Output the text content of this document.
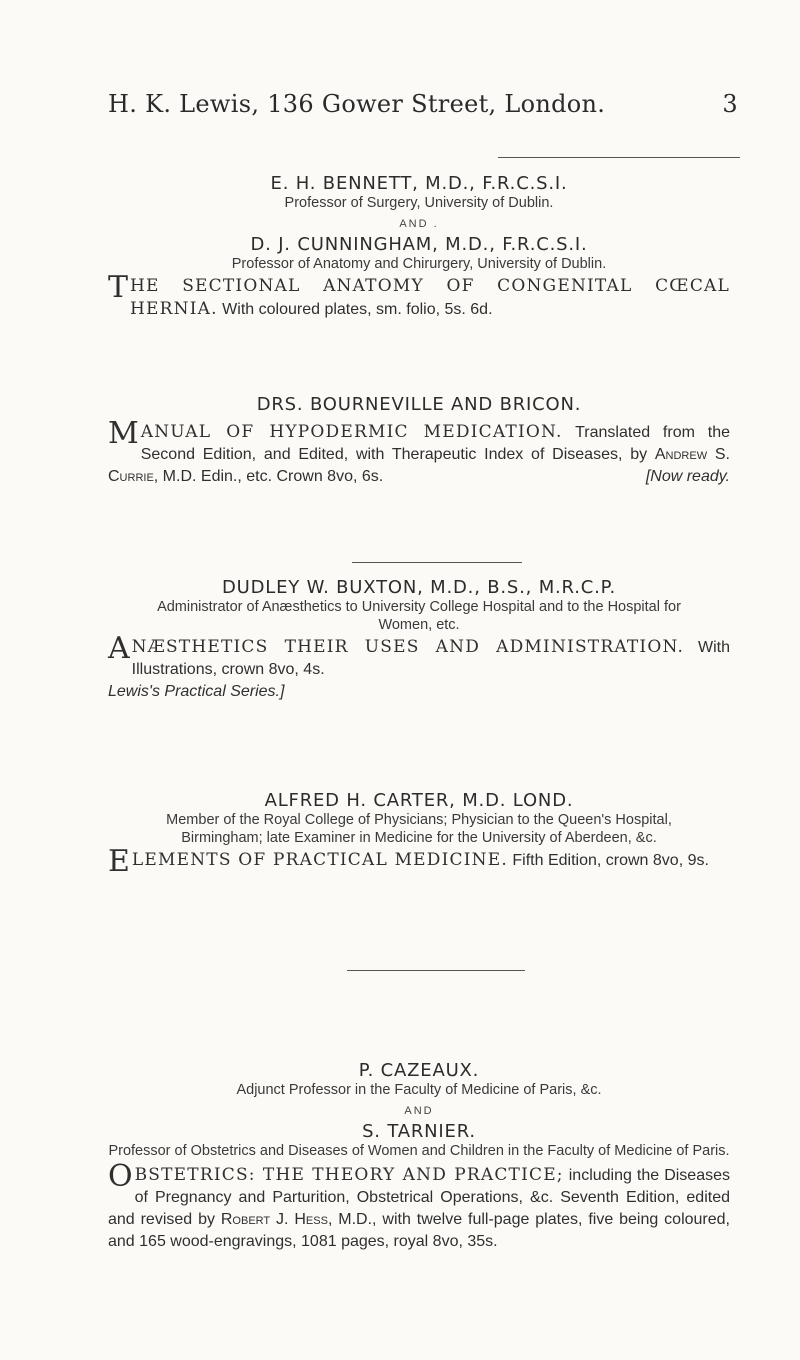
H. K. Lewis, 136 Gower Street, London.	3
E. H. BENNETT, M.D., F.R.C.S.I.
Professor of Surgery, University of Dublin.
AND .
D. J. CUNNINGHAM, M.D., F.R.C.S.I.
Professor of Anatomy and Chirurgery, University of Dublin.
THE SECTIONAL ANATOMY OF CONGENITAL CŒCAL HERNIA. With coloured plates, sm. folio, 5s. 6d.
DRS. BOURNEVILLE AND BRICON.
MANUAL OF HYPODERMIC MEDICATION. Translated from the Second Edition, and Edited, with Therapeutic Index of Diseases, by Andrew S. Currie, M.D. Edin., etc. Crown 8vo, 6s.	[Now ready.
DUDLEY W. BUXTON, M.D., B.S., M.R.C.P.
Administrator of Anæsthetics to University College Hospital and to the Hospital for Women, etc.
ANÆSTHETICS THEIR USES AND ADMINISTRATION. With Illustrations, crown 8vo, 4s.
Lewis's Practical Series.]
ALFRED H. CARTER, M.D. LOND.
Member of the Royal College of Physicians; Physician to the Queen's Hospital, Birmingham; late Examiner in Medicine for the University of Aberdeen, &c.
ELEMENTS OF PRACTICAL MEDICINE. Fifth Edition, crown 8vo, 9s.
P. CAZEAUX.
Adjunct Professor in the Faculty of Medicine of Paris, &c.
AND
S. TARNIER.
Professor of Obstetrics and Diseases of Women and Children in the Faculty of Medicine of Paris.
OBSTETRICS: THE THEORY AND PRACTICE; including the Diseases of Pregnancy and Parturition, Obstetrical Operations, &c. Seventh Edition, edited and revised by Robert J. Hess, M.D., with twelve full-page plates, five being coloured, and 165 wood-engravings, 1081 pages, royal 8vo, 35s.
